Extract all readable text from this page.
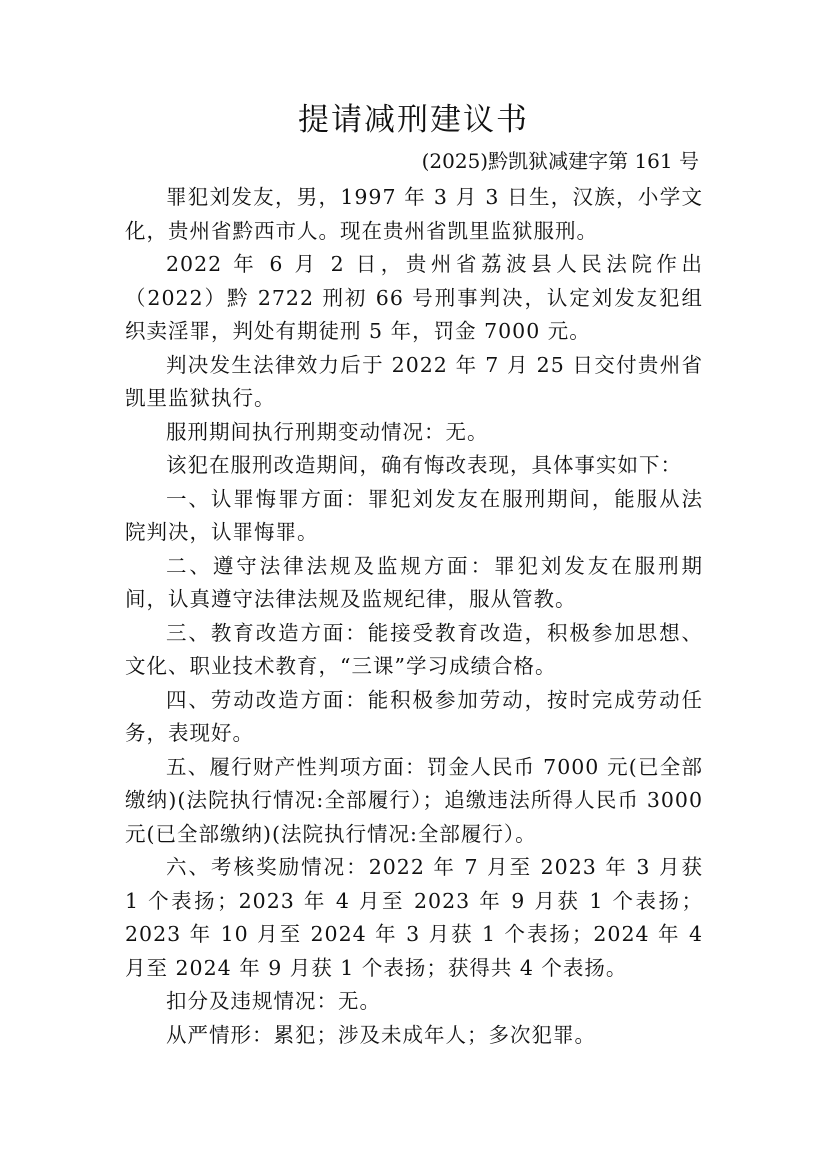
提请减刑建议书

(2025)黔凯狱减建字第 161 号

罪犯刘发友，男，1997 年 3 月 3 日生，汉族，小学文化，贵州省黔西市人。现在贵州省凯里监狱服刑。

2022 年 6 月 2 日，贵州省荔波县人民法院作出（2022）黔 2722 刑初 66 号刑事判决，认定刘发友犯组织卖淫罪，判处有期徒刑 5 年，罚金 7000 元。

判决发生法律效力后于 2022 年 7 月 25 日交付贵州省凯里监狱执行。

服刑期间执行刑期变动情况：无。

该犯在服刑改造期间，确有悔改表现，具体事实如下：

一、认罪悔罪方面：罪犯刘发友在服刑期间，能服从法院判决，认罪悔罪。

二、遵守法律法规及监规方面：罪犯刘发友在服刑期间，认真遵守法律法规及监规纪律，服从管教。

三、教育改造方面：能接受教育改造，积极参加思想、文化、职业技术教育，“三课”学习成绩合格。

四、劳动改造方面：能积极参加劳动，按时完成劳动任务，表现好。

五、履行财产性判项方面：罚金人民币 7000 元(已全部缴纳)(法院执行情况:全部履行）；追缴违法所得人民币 3000 元(已全部缴纳)(法院执行情况:全部履行）。

六、考核奖励情况：2022 年 7 月至 2023 年 3 月获 1 个表扬；2023 年 4 月至 2023 年 9 月获 1 个表扬；2023 年 10 月至 2024 年 3 月获 1 个表扬；2024 年 4 月至 2024 年 9 月获 1 个表扬；获得共 4 个表扬。

扣分及违规情况：无。

从严情形：累犯；涉及未成年人；多次犯罪。
